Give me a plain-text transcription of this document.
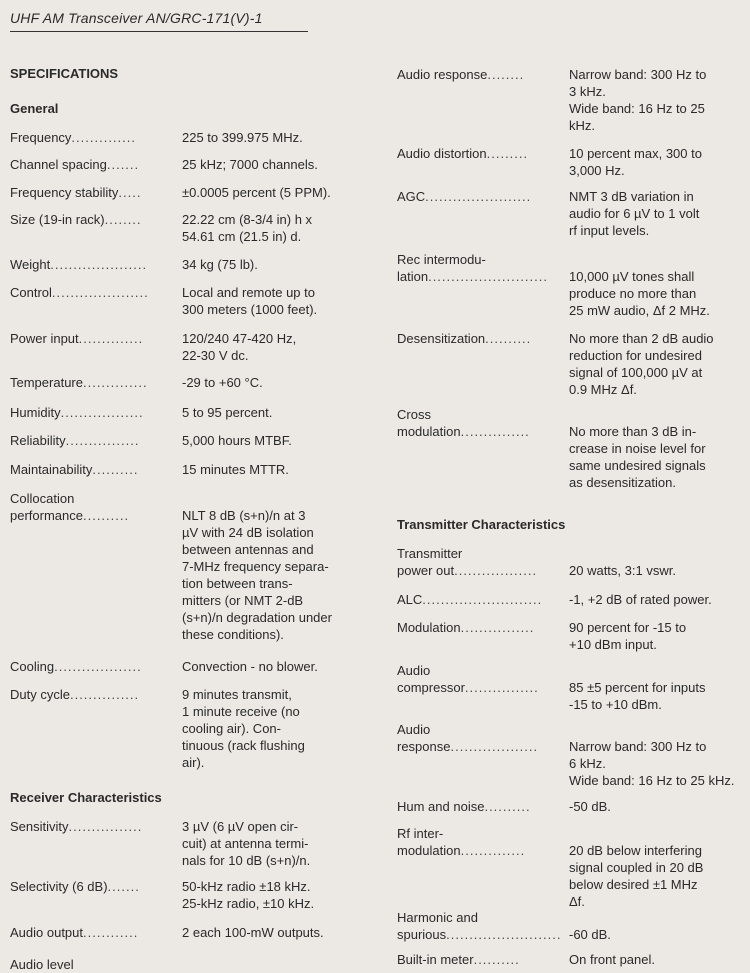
UHF AM Transceiver AN/GRC-171(V)-1
SPECIFICATIONS
General
Frequency ..............	225 to 399.975 MHz.
Channel spacing .......	25 kHz; 7000 channels.
Frequency stability .....	±0.0005 percent (5 PPM).
Size (19-in rack) ........	22.22 cm (8-3/4 in) h x
54.61 cm (21.5 in) d.
Weight .....................	34 kg (75 lb).
Control .....................	Local and remote up to
300 meters (1000 feet).
Power input ..............	120/240 47-420 Hz,
22-30 V dc.
Temperature ..............	-29 to +60 °C.
Humidity ..................	5 to 95 percent.
Reliability ................	5,000 hours MTBF.
Maintainability ..........	15 minutes MTTR.
Collocation
performance ..........	NLT 8 dB (s+n)/n at 3
µV with 24 dB isolation
between antennas and
7-MHz frequency separa-
tion between trans-
mitters (or NMT 2-dB
(s+n)/n degradation under
these conditions).
Cooling ...................	Convection - no blower.
Duty cycle ...............	9 minutes transmit,
1 minute receive (no
cooling air). Con-
tinuous (rack flushing
air).
Receiver Characteristics
Sensitivity ................	3 µV (6 µV open cir-
cuit) at antenna termi-
nals for 10 dB (s+n)/n.
Selectivity (6 dB) .......	50-kHz radio ±18 kHz.
25-kHz radio, ±10 kHz.
Audio output ............	2 each 100-mW outputs.
Audio level
Audio response ........	Narrow band: 300 Hz to
3 kHz.
Wide band: 16 Hz to 25
kHz.
Audio distortion .........	10 percent max, 300 to
3,000 Hz.
AGC .......................	NMT 3 dB variation in
audio for 6 µV to 1 volt
rf input levels.
Rec intermodu-
lation .......................... 10,000 µV tones shall
produce no more than
25 mW audio, Δf 2 MHz.
Desensitization ..........	No more than 2 dB audio
reduction for undesired
signal of 100,000 µV at
0.9 MHz Δf.
Cross
modulation ...............	No more than 3 dB in-
crease in noise level for
same undesired signals
as desensitization.
Transmitter Characteristics
Transmitter
power out .................. 20 watts, 3:1 vswr.
ALC .......................... -1, +2 dB of rated power.
Modulation ................	90 percent for -15 to
+10 dBm input.
Audio
compressor ................ 85 ±5 percent for inputs
-15 to +10 dBm.
Audio
response ................... Narrow band: 300 Hz to
6 kHz.
Wide band: 16 Hz to 25 kHz.
Hum and noise ..........	-50 dB.
Rf inter-
modulation ..............	20 dB below interfering
signal coupled in 20 dB
below desired ±1 MHz
Δf.
Harmonic and
spurious ......................... -60 dB.
Built-in meter ..........	On front panel.
